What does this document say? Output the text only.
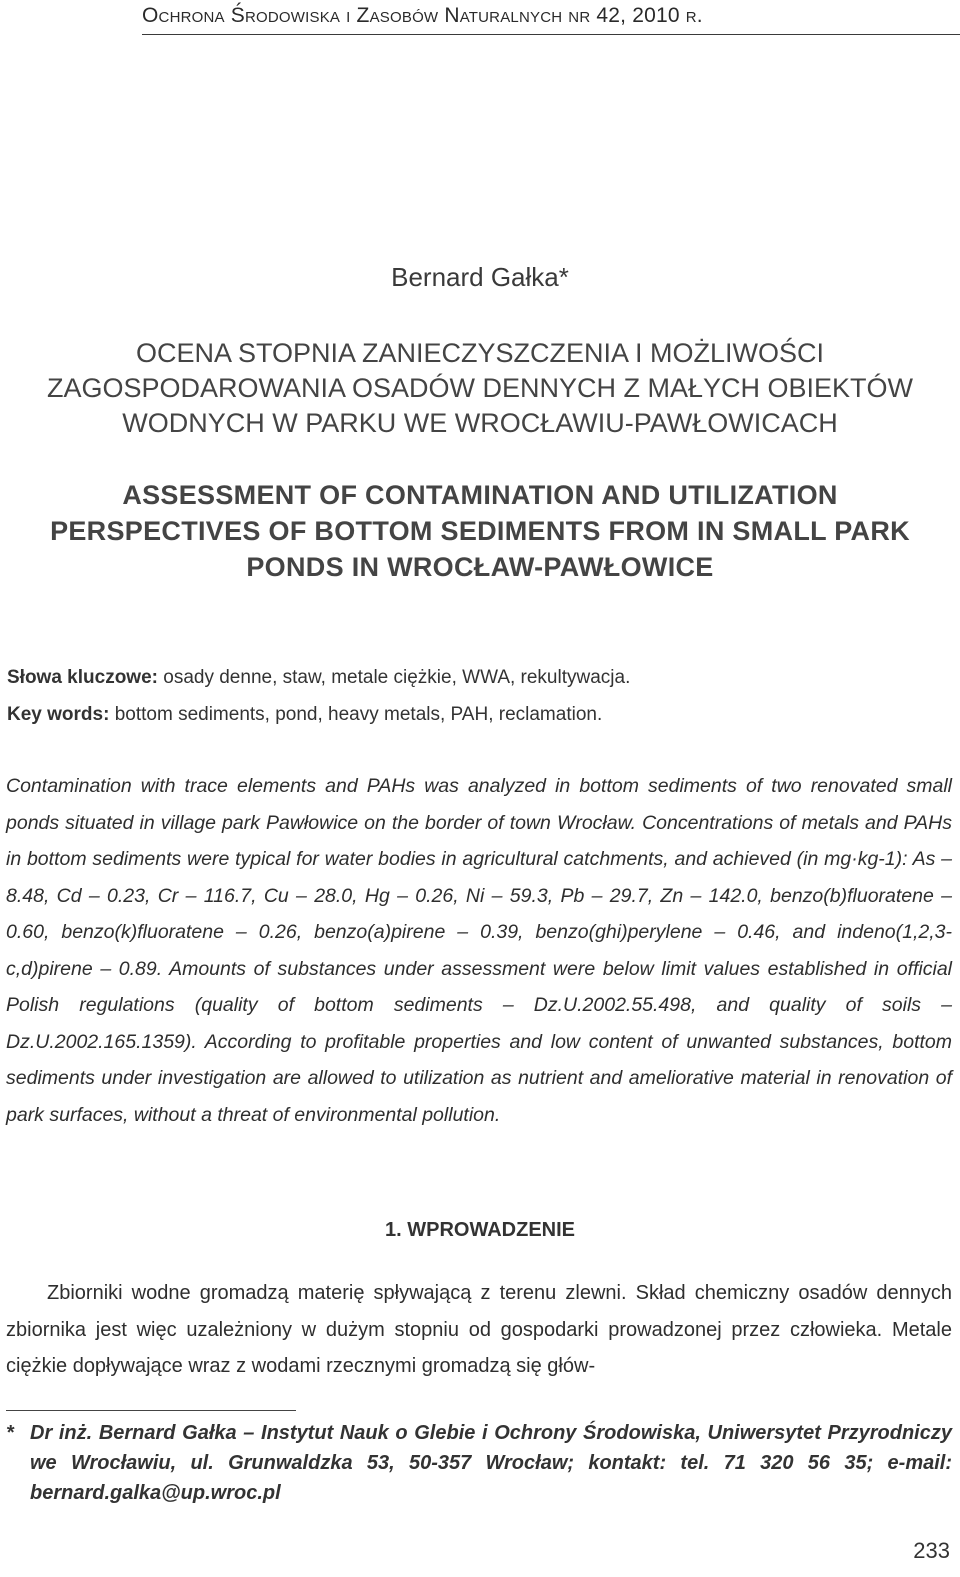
Ochrona Środowiska i Zasobów Naturalnych nr 42, 2010 r.
Bernard Gałka*
OCENA STOPNIA ZANIECZYSZCZENIA I MOŻLIWOŚCI ZAGOSPODAROWANIA OSADÓW DENNYCH Z MAŁYCH OBIEKTÓW WODNYCH W PARKU WE WROCŁAWIU-PAWŁOWICACH
ASSESSMENT OF CONTAMINATION AND UTILIZATION PERSPECTIVES OF BOTTOM SEDIMENTS FROM IN SMALL PARK PONDS IN WROCŁAW-PAWŁOWICE
Słowa kluczowe: osady denne, staw, metale ciężkie, WWA, rekultywacja.
Key words: bottom sediments, pond, heavy metals, PAH, reclamation.
Contamination with trace elements and PAHs was analyzed in bottom sediments of two renovated small ponds situated in village park Pawłowice on the border of town Wrocław. Concentrations of metals and PAHs in bottom sediments were typical for water bodies in agricultural catchments, and achieved (in mg·kg-1): As – 8.48, Cd – 0.23, Cr – 116.7, Cu – 28.0, Hg – 0.26, Ni – 59.3, Pb – 29.7, Zn – 142.0, benzo(b)fluoratene – 0.60, benzo(k)fluoratene – 0.26, benzo(a)pirene – 0.39, benzo(ghi)perylene – 0.46, and indeno(1,2,3-c,d)pirene – 0.89. Amounts of substances under assessment were below limit values established in official Polish regulations (quality of bottom sediments – Dz.U.2002.55.498, and quality of soils – Dz.U.2002.165.1359). According to profitable properties and low content of unwanted substances, bottom sediments under investigation are allowed to utilization as nutrient and ameliorative material in renovation of park surfaces, without a threat of environmental pollution.
1. WPROWADZENIE
Zbiorniki wodne gromadzą materię spływającą z terenu zlewni. Skład chemiczny osadów dennych zbiornika jest więc uzależniony w dużym stopniu od gospodarki prowadzonej przez człowieka. Metale ciężkie dopływające wraz z wodami rzecznymi gromadzą się głów-
* Dr inż. Bernard Gałka – Instytut Nauk o Glebie i Ochrony Środowiska, Uniwersytet Przyrodniczy we Wrocławiu, ul. Grunwaldzka 53, 50-357 Wrocław; kontakt: tel. 71 320 56 35; e-mail: bernard.galka@up.wroc.pl
233
